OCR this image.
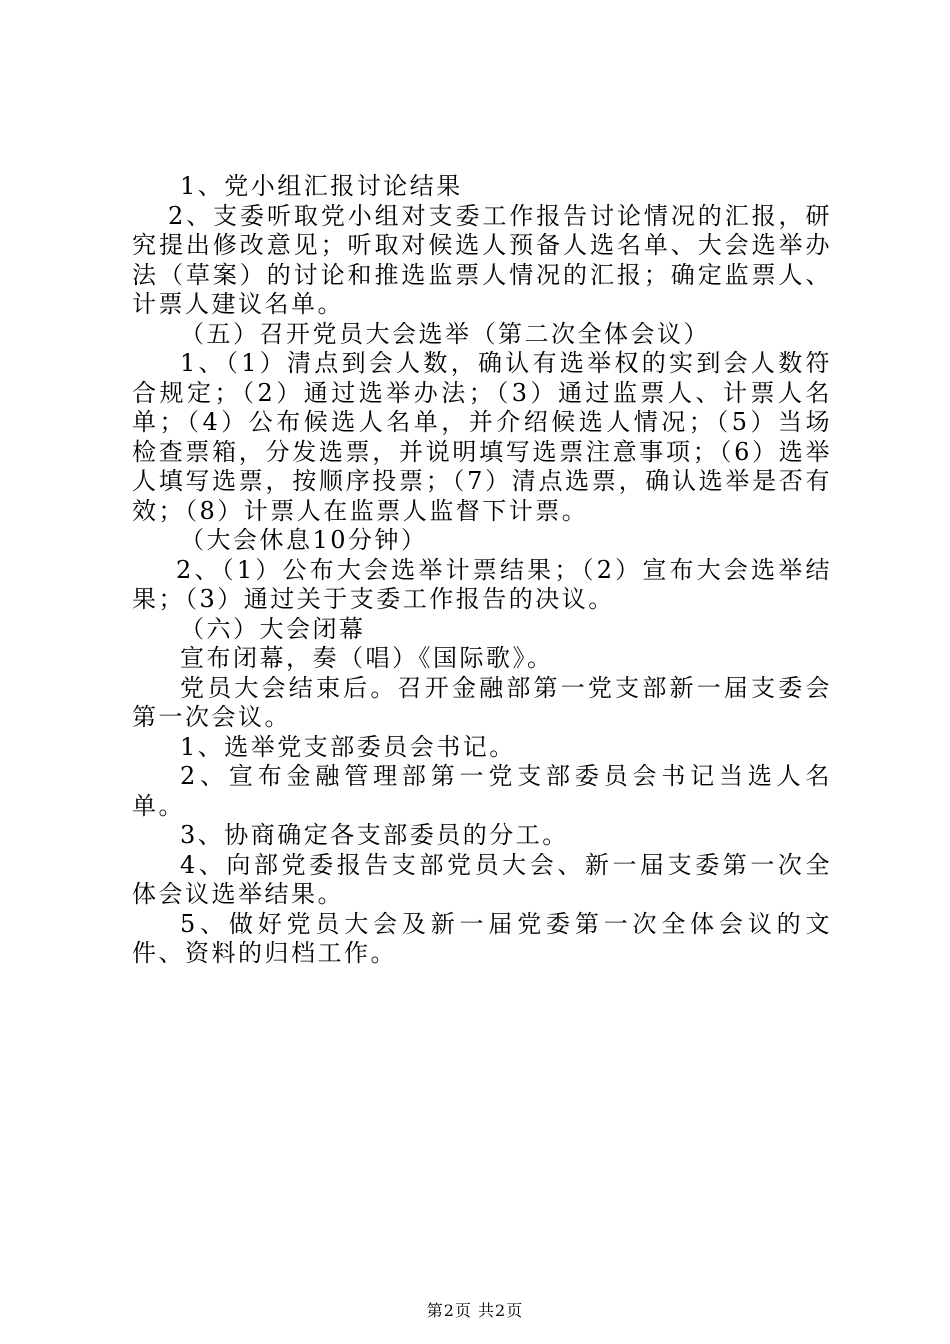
1、党小组汇报讨论结果

2、支委听取党小组对支委工作报告讨论情况的汇报，研究提出修改意见；听取对候选人预备人选名单、大会选举办法（草案）的讨论和推选监票人情况的汇报；确定监票人、计票人建议名单。

（五）召开党员大会选举（第二次全体会议）

1、（1）清点到会人数，确认有选举权的实到会人数符合规定；（2）通过选举办法；（3）通过监票人、计票人名单；（4）公布候选人名单，并介绍候选人情况；（5）当场检查票箱，分发选票，并说明填写选票注意事项；（6）选举人填写选票，按顺序投票；（7）清点选票，确认选举是否有效；（8）计票人在监票人监督下计票。

（大会休息10分钟）

2、（1）公布大会选举计票结果；（2）宣布大会选举结果；（3）通过关于支委工作报告的决议。

（六）大会闭幕

宣布闭幕，奏（唱）《国际歌》。

党员大会结束后。召开金融部第一党支部新一届支委会第一次会议。

1、选举党支部委员会书记。

2、宣布金融管理部第一党支部委员会书记当选人名单。

3、协商确定各支部委员的分工。

4、向部党委报告支部党员大会、新一届支委第一次全体会议选举结果。

5、做好党员大会及新一届党委第一次全体会议的文件、资料的归档工作。

第2页 共2页
